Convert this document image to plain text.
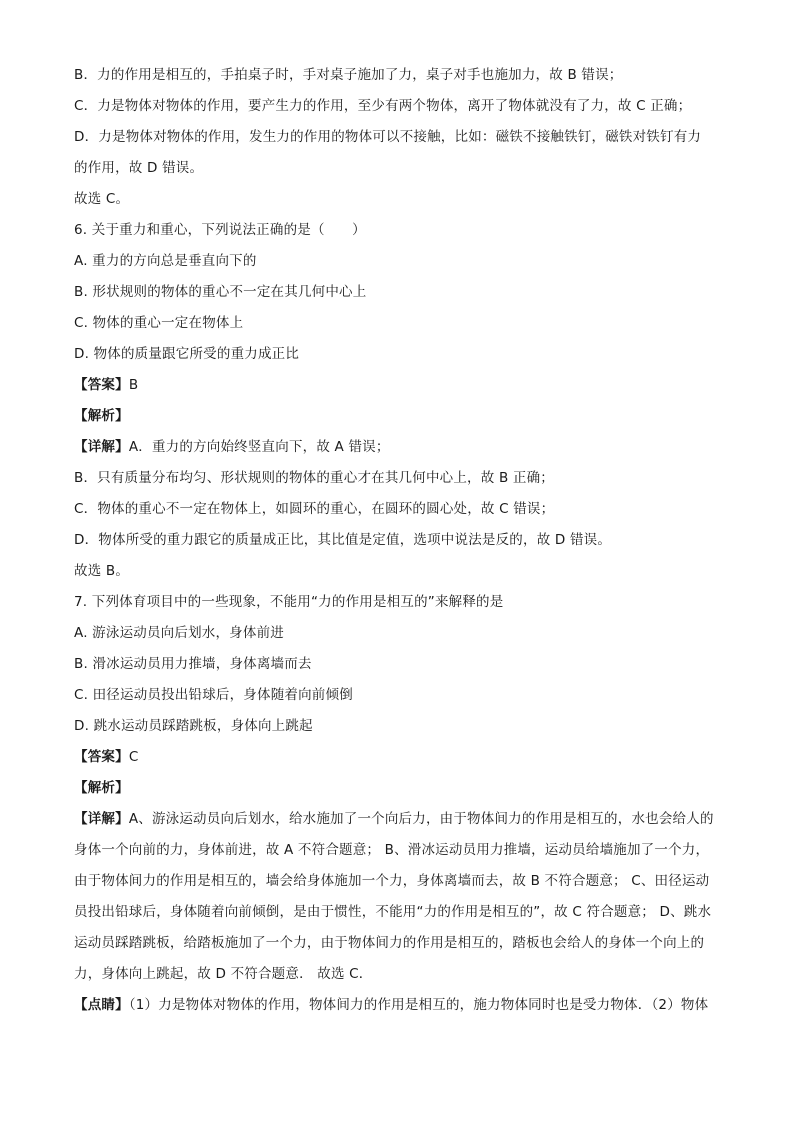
B．力的作用是相互的，手拍桌子时，手对桌子施加了力，桌子对手也施加力，故 B 错误；
C．力是物体对物体的作用，要产生力的作用，至少有两个物体，离开了物体就没有了力，故 C 正确；
D．力是物体对物体的作用，发生力的作用的物体可以不接触，比如：磁铁不接触铁钉，磁铁对铁钉有力
的作用，故 D 错误。
故选 C。
6. 关于重力和重心，下列说法正确的是（　　）
A. 重力的方向总是垂直向下的
B. 形状规则的物体的重心不一定在其几何中心上
C. 物体的重心一定在物体上
D. 物体的质量跟它所受的重力成正比
【答案】B
【解析】
【详解】A．重力的方向始终竖直向下，故 A 错误；
B．只有质量分布均匀、形状规则的物体的重心才在其几何中心上，故 B 正确；
C．物体的重心不一定在物体上，如圆环的重心，在圆环的圆心处，故 C 错误；
D．物体所受的重力跟它的质量成正比，其比值是定值，选项中说法是反的，故 D 错误。
故选 B。
7. 下列体育项目中的一些现象，不能用“力的作用是相互的”来解释的是
A. 游泳运动员向后划水，身体前进
B. 滑冰运动员用力推墙，身体离墙而去
C. 田径运动员投出铅球后，身体随着向前倾倒
D. 跳水运动员踩踏跳板，身体向上跳起
【答案】C
【解析】
【详解】A、游泳运动员向后划水，给水施加了一个向后力，由于物体间力的作用是相互的，水也会给人的
身体一个向前的力，身体前进，故 A 不符合题意； B、滑冰运动员用力推墙，运动员给墙施加了一个力，
由于物体间力的作用是相互的，墙会给身体施加一个力，身体离墙而去，故 B 不符合题意； C、田径运动
员投出铅球后，身体随着向前倾倒，是由于惯性，不能用“力的作用是相互的”，故 C 符合题意； D、跳水
运动员踩踏跳板，给踏板施加了一个力，由于物体间力的作用是相互的，踏板也会给人的身体一个向上的
力，身体向上跳起，故 D 不符合题意． 故选 C．
【点睛】（1）力是物体对物体的作用，物体间力的作用是相互的，施力物体同时也是受力物体．（2）物体
